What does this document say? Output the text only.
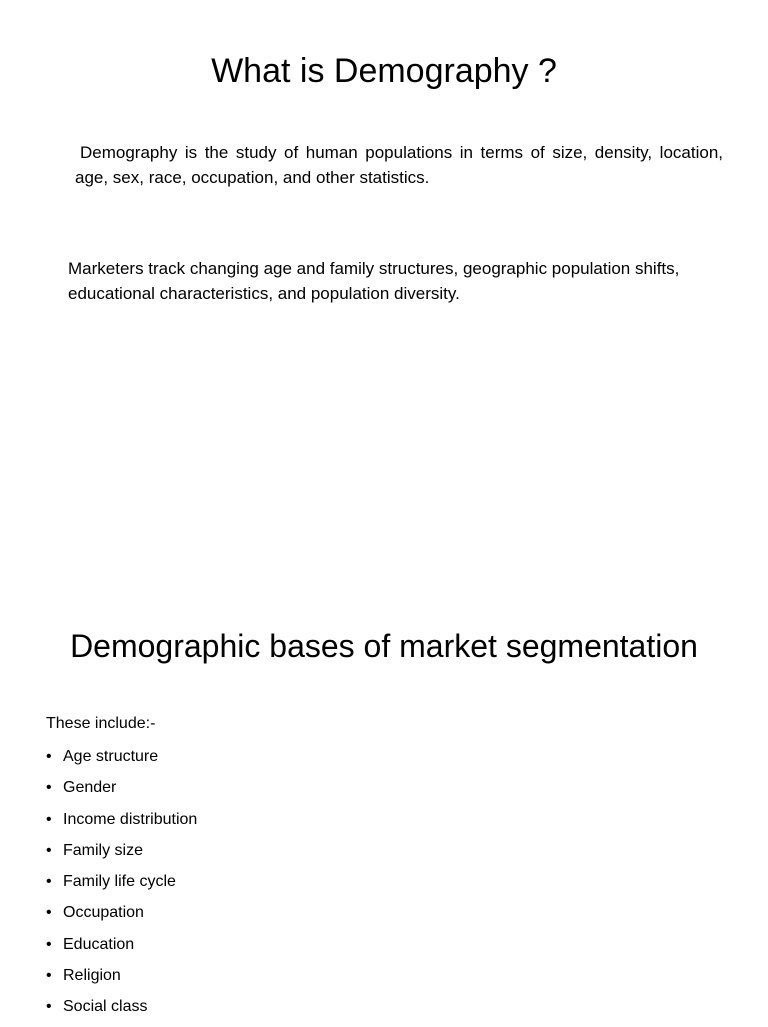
What is Demography ?

Demography is the study of human populations in terms of size, density, location, age, sex, race, occupation, and other statistics.

Marketers track changing age and family structures, geographic population shifts, educational characteristics, and population diversity.

Demographic bases of market segmentation

These include:-

• Age structure
• Gender
• Income distribution
• Family size
• Family life cycle
• Occupation
• Education
• Religion
• Social class
